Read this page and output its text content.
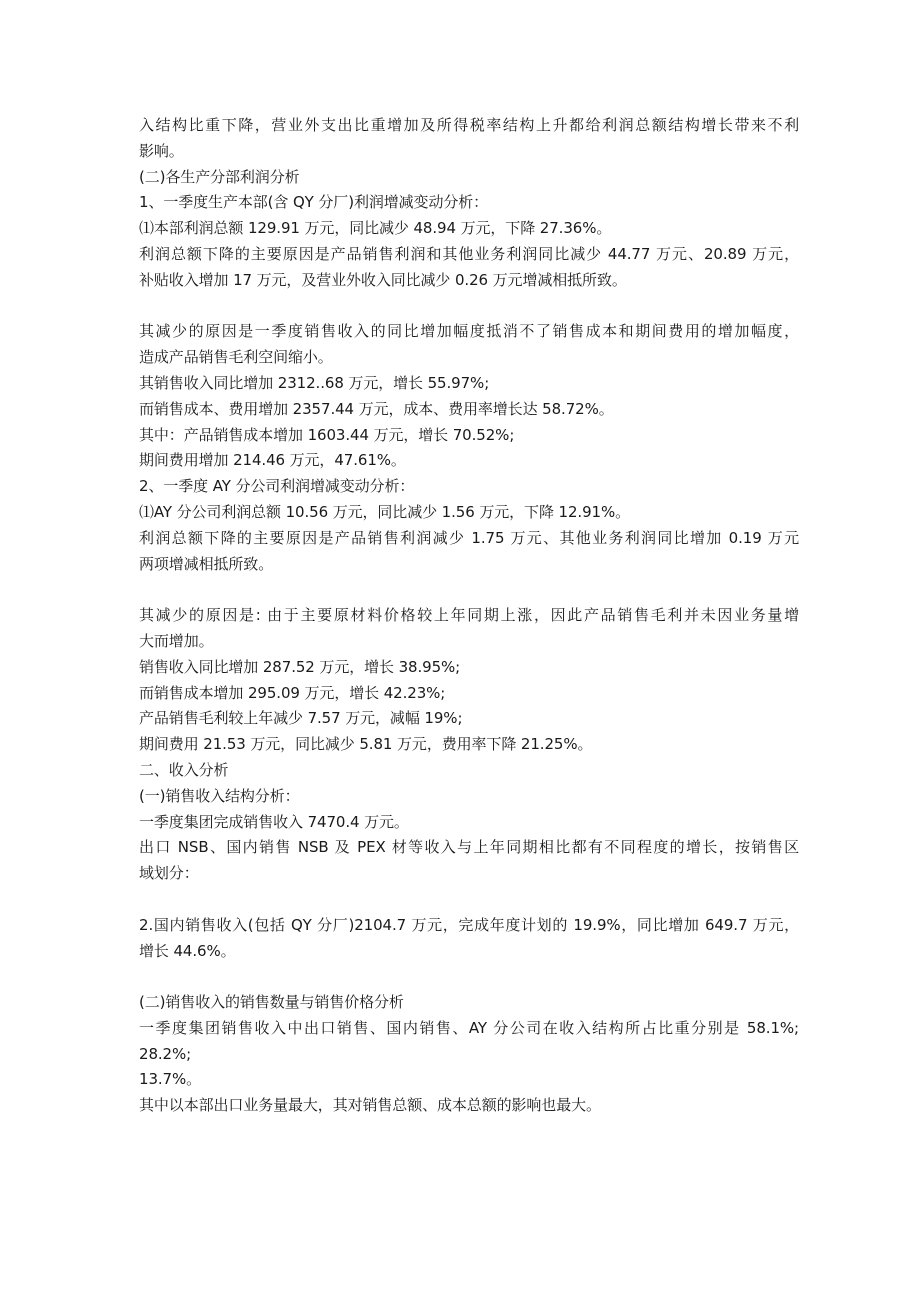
入结构比重下降，营业外支出比重增加及所得税率结构上升都给利润总额结构增长带来不利
影响。
(二)各生产分部利润分析
1、一季度生产本部(含 QY 分厂)利润增减变动分析：
⑴本部利润总额 129.91 万元，同比减少 48.94 万元，下降 27.36%。
利润总额下降的主要原因是产品销售利润和其他业务利润同比减少 44.77 万元、20.89 万元，
补贴收入增加 17 万元，及营业外收入同比减少 0.26 万元增减相抵所致。
其减少的原因是一季度销售收入的同比增加幅度抵消不了销售成本和期间费用的增加幅度，
造成产品销售毛利空间缩小。
其销售收入同比增加 2312..68 万元，增长 55.97%;
而销售成本、费用增加 2357.44 万元，成本、费用率增长达 58.72%。
其中：产品销售成本增加 1603.44 万元，增长 70.52%;
期间费用增加 214.46 万元，47.61%。
2、一季度 AY 分公司利润增减变动分析：
⑴AY 分公司利润总额 10.56 万元，同比减少 1.56 万元，下降 12.91%。
利润总额下降的主要原因是产品销售利润减少 1.75 万元、其他业务利润同比增加 0.19 万元
两项增减相抵所致。
其减少的原因是: 由于主要原材料价格较上年同期上涨，因此产品销售毛利并未因业务量增
大而增加。
销售收入同比增加 287.52 万元，增长 38.95%;
而销售成本增加 295.09 万元，增长 42.23%;
产品销售毛利较上年减少 7.57 万元，减幅 19%;
期间费用 21.53 万元，同比减少 5.81 万元，费用率下降 21.25%。
二、收入分析
(一)销售收入结构分析：
一季度集团完成销售收入 7470.4 万元。
出口 NSB、国内销售 NSB 及 PEX 材等收入与上年同期相比都有不同程度的增长，按销售区
域划分：
2.国内销售收入(包括 QY 分厂)2104.7 万元，完成年度计划的 19.9%，同比增加 649.7 万元，
增长 44.6%。
(二)销售收入的销售数量与销售价格分析
一季度集团销售收入中出口销售、国内销售、AY 分公司在收入结构所占比重分别是 58.1%;
28.2%;
13.7%。
其中以本部出口业务量最大，其对销售总额、成本总额的影响也最大。
